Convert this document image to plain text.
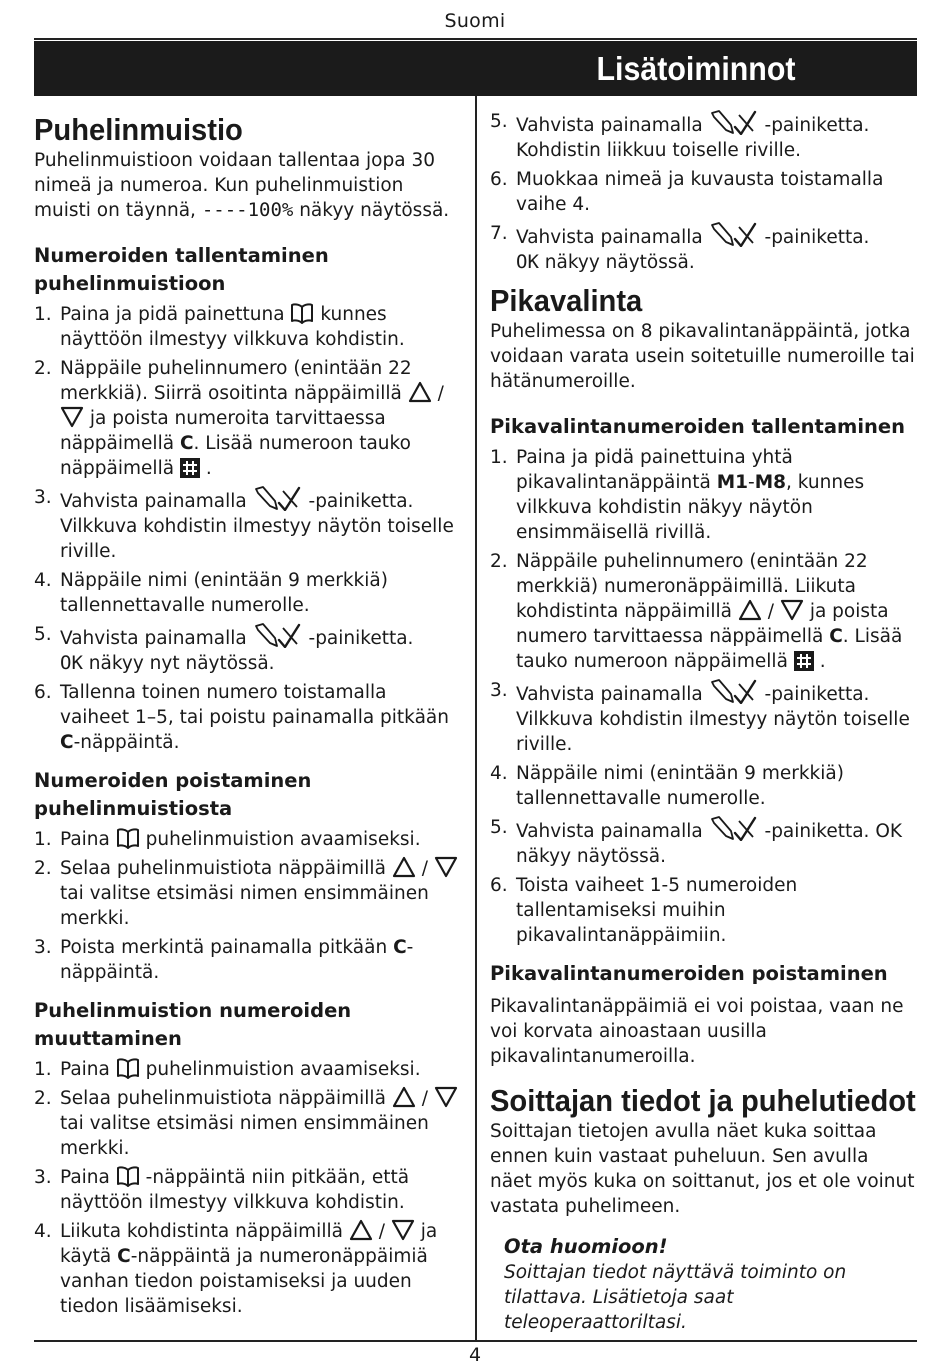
Suomi
Lisätoiminnot
Puhelinmuistio

Puhelinmuistioon voidaan tallentaa jopa 30 nimeä ja numeroa. Kun puhelinmuistion muisti on täynnä, ----100% näkyy näytössä.

Numeroiden tallentaminen puhelinmuistioon
1. Paina ja pidä painettuna  kunnes näyttöön ilmestyy vilkkuva kohdistin.
2. Näppäile puhelinnumero (enintään 22 merkkiä). Siirrä osoitinta näppäimillä  /  ja poista numeroita tarvittaessa näppäimellä C. Lisää numeroon tauko näppäimellä  .
3. Vahvista painamalla	-painiketta. Vilkkuva kohdistin ilmestyy näytön toiselle riville.
4. Näppäile nimi (enintään 9 merkkiä) tallennettavalle numerolle.
5. Vahvista painamalla	-painiketta.
OK näkyy nyt näytössä.
6. Tallenna toinen numero toistamalla vaiheet 1–5, tai poistu painamalla pitkään C-näppäintä.
Numeroiden poistaminen puhelinmuistiosta
1. Paina  puhelinmuistion avaamiseksi.
2. Selaa puhelinmuistiota näppäimillä  /  tai valitse etsimäsi nimen ensimmäinen merkki.
3. Poista merkintä painamalla pitkään C-näppäintä.
Puhelinmuistion numeroiden muuttaminen
1. Paina  puhelinmuistion avaamiseksi.
2. Selaa puhelinmuistiota näppäimillä  /  tai valitse etsimäsi nimen ensimmäinen merkki.
3. Paina  -näppäintä niin pitkään, että näyttöön ilmestyy vilkkuva kohdistin.
4. Liikuta kohdistinta näppäimillä  /  ja käytä C-näppäintä ja numeronäppäimiä vanhan tiedon poistamiseksi ja uuden tiedon lisäämiseksi.
5. Vahvista painamalla	-painiketta. Kohdistin liikkuu toiselle riville.
6. Muokkaa nimeä ja kuvausta toistamalla vaihe 4.
7. Vahvista painamalla	-painiketta.
OK näkyy näytössä.
Pikavalinta

Puhelimessa on 8 pikavalintanäppäintä, jotka voidaan varata usein soitetuille numeroille tai hätänumeroille.

Pikavalintanumeroiden tallentaminen
1. Paina ja pidä painettuina yhtä pikavalintanäppäintä M1-M8, kunnes vilkkuva kohdistin näkyy näytön ensimmäisellä rivillä.
2. Näppäile puhelinnumero (enintään 22 merkkiä) numeronäppäimillä. Liikuta kohdistinta näppäimillä  /  ja poista numero tarvittaessa näppäimellä C. Lisää tauko numeroon näppäimellä  .
3. Vahvista painamalla	-painiketta. Vilkkuva kohdistin ilmestyy näytön toiselle riville.
4. Näppäile nimi (enintään 9 merkkiä) tallennettavalle numerolle.
5. Vahvista painamalla	-painiketta. OK näkyy näytössä.
6. Toista vaiheet 1-5 numeroiden tallentamiseksi muihin pikavalintanäppäimiin.
Pikavalintanumeroiden poistaminen

Pikavalintanäppäimiä ei voi poistaa, vaan ne voi korvata ainoastaan uusilla pikavalintanumeroilla.

Soittajan tiedot ja puhelutiedot

Soittajan tietojen avulla näet kuka soittaa ennen kuin vastaat puheluun. Sen avulla näet myös kuka on soittanut, jos et ole voinut vastata puhelimeen.

Ota huomioon!
Soittajan tiedot näyttävä toiminto on tilattava. Lisätietoja saat teleoperaattoriltasi.
4
